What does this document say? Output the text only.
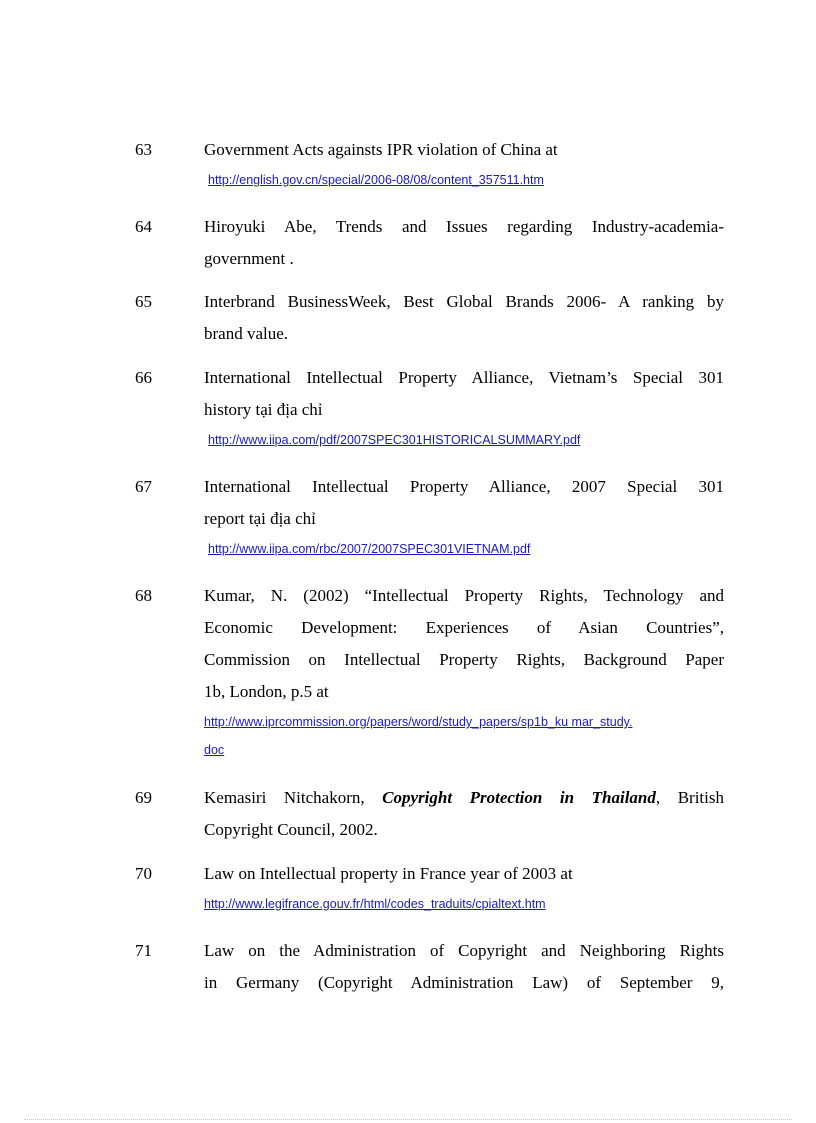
63	Government Acts againsts IPR violation of China at
http://english.gov.cn/special/2006-08/08/content_357511.htm
64	Hiroyuki Abe, Trends and Issues regarding Industry-academia-
government .
65	Interbrand BusinessWeek, Best Global Brands 2006- A ranking by
brand value.
66	International Intellectual Property Alliance, Vietnam’s Special 301
history tại địa chỉ
http://www.iipa.com/pdf/2007SPEC301HISTORICALSUMMARY.pdf
67	International Intellectual Property Alliance, 2007 Special 301
report tại địa chỉ
http://www.iipa.com/rbc/2007/2007SPEC301VIETNAM.pdf
68	Kumar, N. (2002) “Intellectual Property Rights, Technology and
Economic Development: Experiences of Asian Countries”,
Commission on Intellectual Property Rights, Background Paper
1b, London, p.5 at
http://www.iprcommission.org/papers/word/study_papers/sp1b_ku mar_study.
doc
69	Kemasiri Nitchakorn, Copyright Protection in Thailand, British
Copyright Council, 2002.
70	Law on Intellectual property in France year of 2003 at
http://www.legifrance.gouv.fr/html/codes_traduits/cpialtext.htm
71	Law on the Administration of Copyright and Neighboring Rights
in Germany (Copyright Administration Law) of September 9,
